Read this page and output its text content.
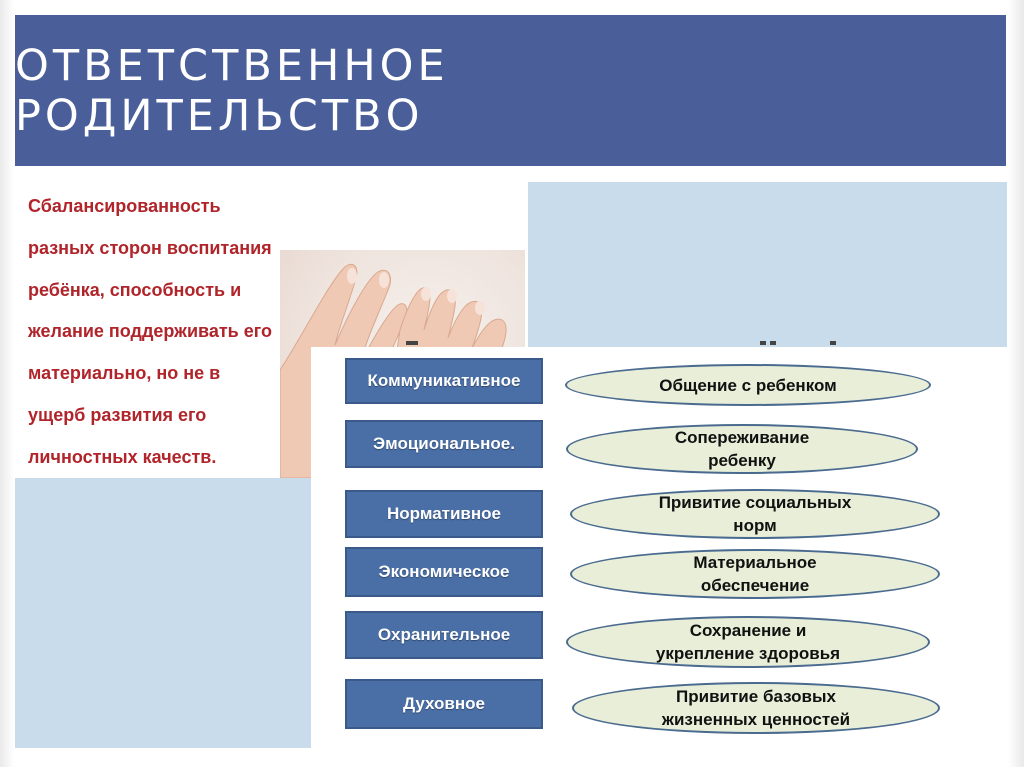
ОТВЕТСТВЕННОЕ РОДИТЕЛЬСТВО

Сбалансированность
разных сторон воспитания
ребёнка, способность и
желание поддерживать его
материально, но не в
ущерб развития его
личностных качеств.

Коммуникативное
Эмоциональное.
Нормативное
Экономическое
Охранительное
Духовное
Общение с ребенком
Сопереживание
ребенку
Привитие социальных
норм
Материальное
обеспечение
Сохранение и
укрепление здоровья
Привитие базовых
жизненных ценностей
